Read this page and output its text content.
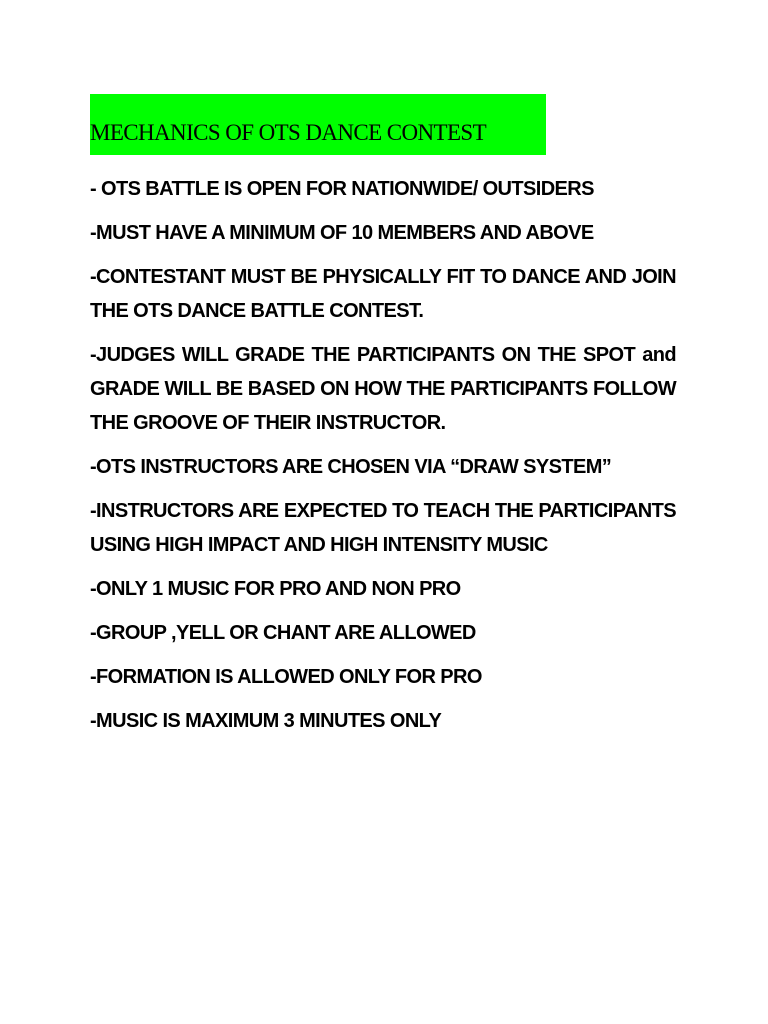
MECHANICS OF OTS DANCE CONTEST

- OTS BATTLE IS OPEN FOR NATIONWIDE/ OUTSIDERS

-MUST HAVE A MINIMUM OF 10 MEMBERS AND ABOVE

-CONTESTANT MUST BE PHYSICALLY FIT TO DANCE AND JOIN THE OTS DANCE BATTLE CONTEST.

-JUDGES WILL GRADE THE PARTICIPANTS ON THE SPOT and GRADE WILL BE BASED ON HOW THE PARTICIPANTS FOLLOW THE GROOVE OF THEIR INSTRUCTOR.

-OTS INSTRUCTORS ARE CHOSEN VIA “DRAW SYSTEM”

-INSTRUCTORS ARE EXPECTED TO TEACH THE PARTICIPANTS USING HIGH IMPACT AND HIGH INTENSITY MUSIC

-ONLY 1 MUSIC FOR PRO AND NON PRO

-GROUP ,YELL OR CHANT ARE ALLOWED

-FORMATION IS ALLOWED ONLY FOR PRO

-MUSIC IS MAXIMUM 3 MINUTES ONLY
